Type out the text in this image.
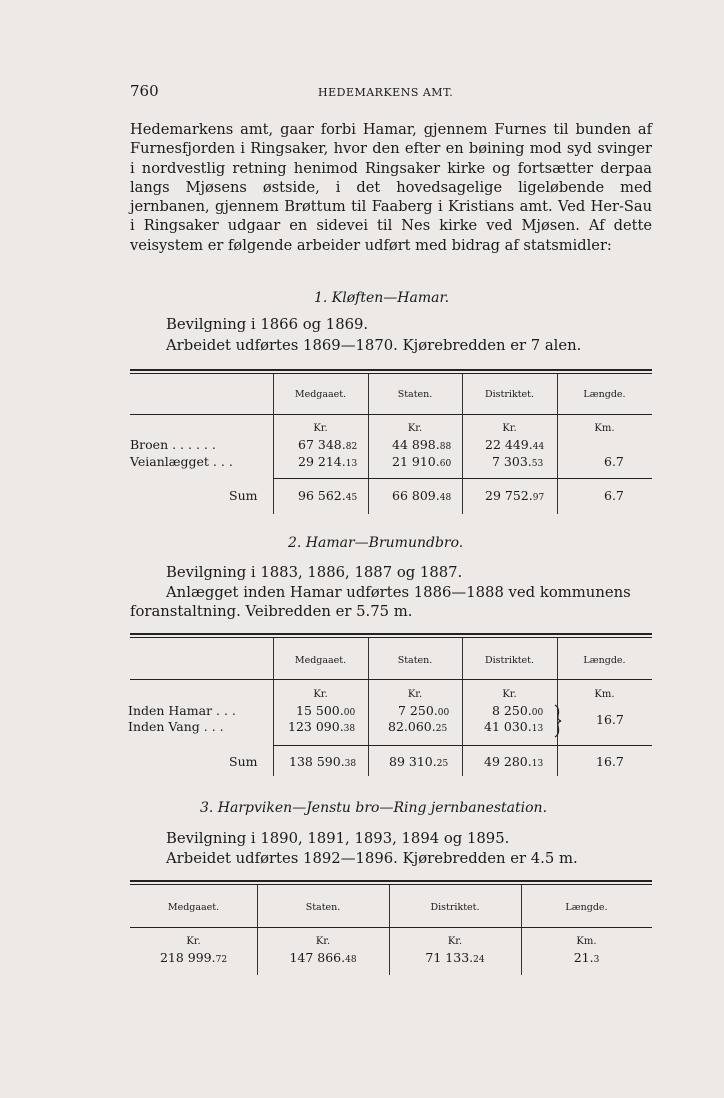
760	HEDEMARKENS AMT.
Hedemarkens amt, gaar forbi Hamar, gjennem Furnes til bunden af Furnesfjorden i Ringsaker, hvor den efter en bøining mod syd svinger i nordvestlig retning henimod Ringsaker kirke og fortsætter derpaa langs Mjøsens østside, i det hovedsagelige ligeløbende med jernbanen, gjennem Brøttum til Faaberg i Kristians amt. Ved Her-Sau i Ringsaker udgaar en sidevei til Nes kirke ved Mjøsen. Af dette veisystem er følgende arbeider udført med bidrag af statsmidler:
1. Kløften—Hamar.
Bevilgning i 1866 og 1869.
Arbeidet udførtes 1869—1870. Kjørebredden er 7 alen.
Medgaaet.	Staten.	Distriktet.	Længde.
Kr.	Kr.	Kr.	Km.
Broen . . . . . .	67 348.82	44 898.88	22 449.44
Veianlægget . . .	29 214.13	21 910.60	7 303.53	6.7
Sum	96 562.45	66 809.48	29 752.97	6.7
2. Hamar—Brumundbro.
Bevilgning i 1883, 1886, 1887 og 1887.
Anlægget inden Hamar udførtes 1886—1888 ved kommunens
foranstaltning. Veibredden er 5.75 m.
Medgaaet.	Staten.	Distriktet.	Længde.
Kr.	Kr.	Kr.	Km.
Inden Hamar . . .	15 500.00	7 250.00	8 250.00
Inden Vang . . .	123 090.38	82.060.25	41 030.13
16.7
Sum	138 590.38	89 310.25	49 280.13	16.7
3. Harpviken—Jenstu bro—Ring jernbanestation.
Bevilgning i 1890, 1891, 1893, 1894 og 1895.
Arbeidet udførtes 1892—1896. Kjørebredden er 4.5 m.
Medgaaet.	Staten.	Distriktet.	Længde.
Kr.	Kr.	Kr.	Km.
218 999.72	147 866.48	71 133.24	21.3
